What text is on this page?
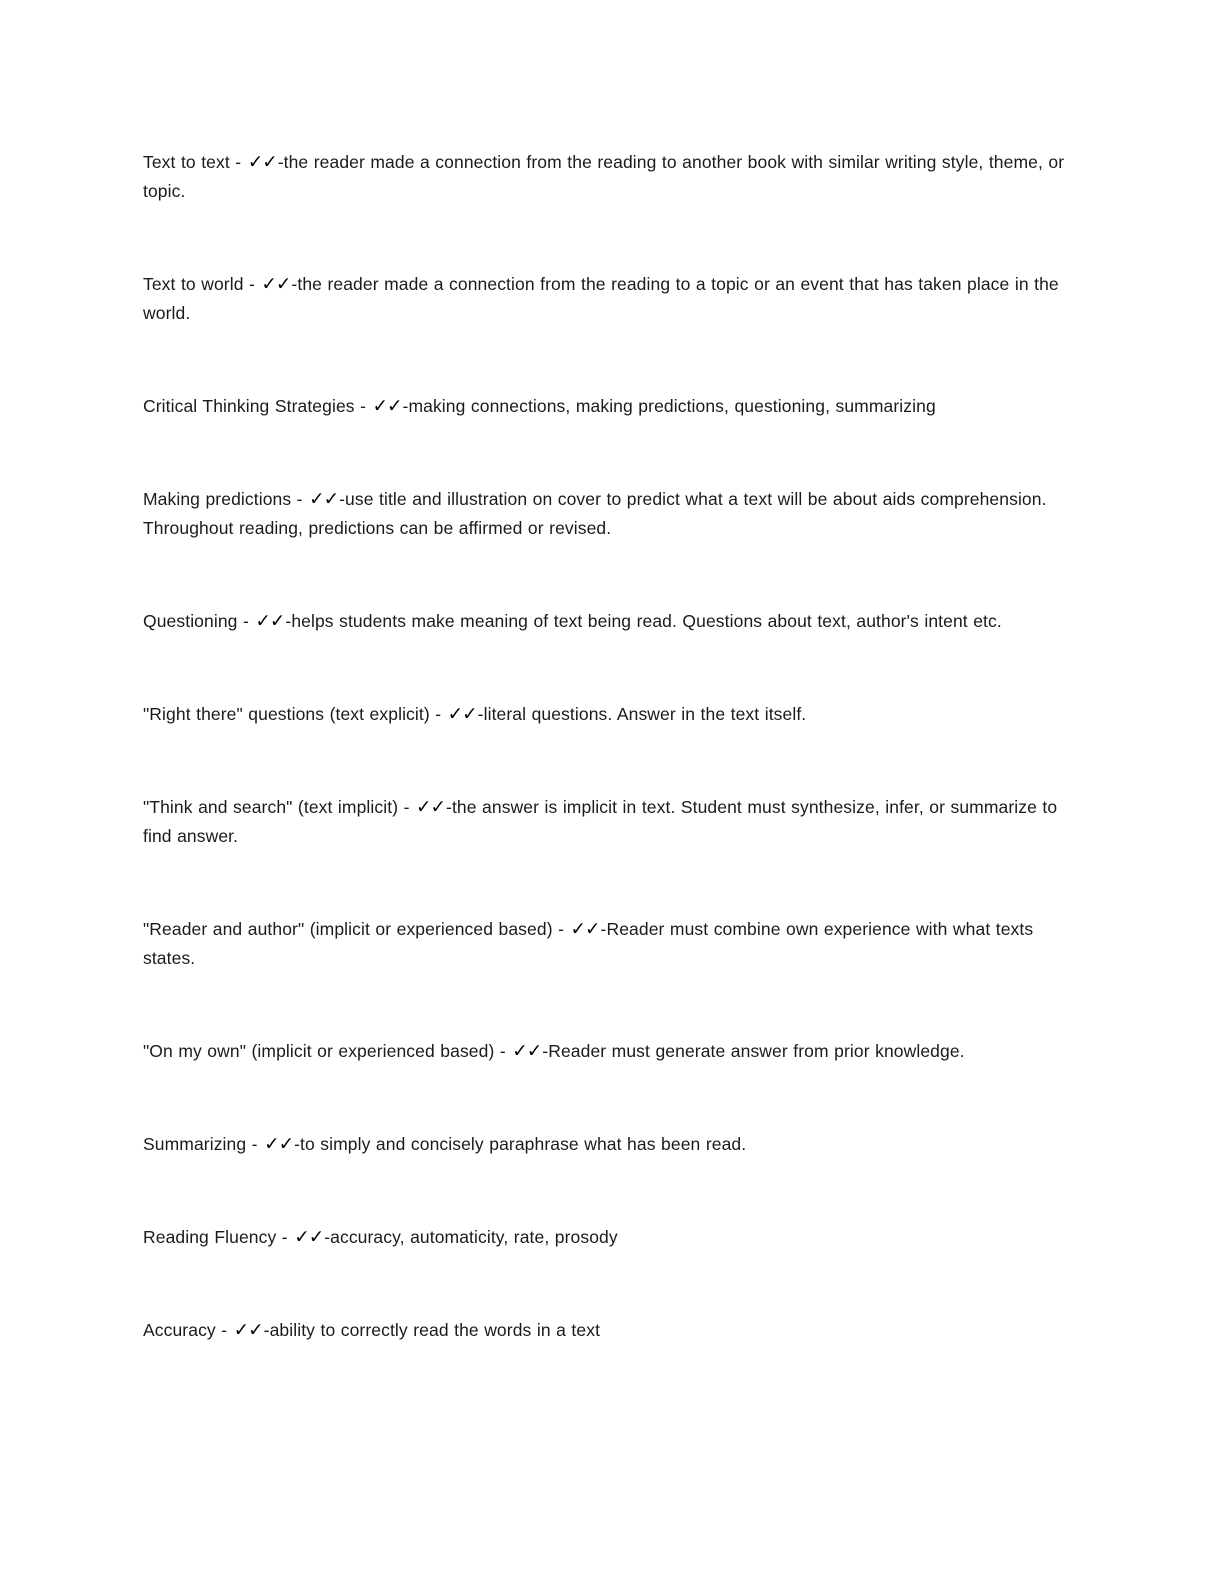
Text to text - ✓✓-the reader made a connection from the reading to another book with similar writing style, theme, or topic.

Text to world - ✓✓-the reader made a connection from the reading to a topic or an event that has taken place in the world.

Critical Thinking Strategies - ✓✓-making connections, making predictions, questioning, summarizing

Making predictions - ✓✓-use title and illustration on cover to predict what a text will be about aids comprehension. Throughout reading, predictions can be affirmed or revised.

Questioning - ✓✓-helps students make meaning of text being read. Questions about text, author's intent etc.

"Right there" questions (text explicit) - ✓✓-literal questions. Answer in the text itself.

"Think and search" (text implicit) - ✓✓-the answer is implicit in text. Student must synthesize, infer, or summarize to find answer.

"Reader and author" (implicit or experienced based) - ✓✓-Reader must combine own experience with what texts states.

"On my own" (implicit or experienced based) - ✓✓-Reader must generate answer from prior knowledge.

Summarizing - ✓✓-to simply and concisely paraphrase what has been read.

Reading Fluency - ✓✓-accuracy, automaticity, rate, prosody

Accuracy - ✓✓-ability to correctly read the words in a text
